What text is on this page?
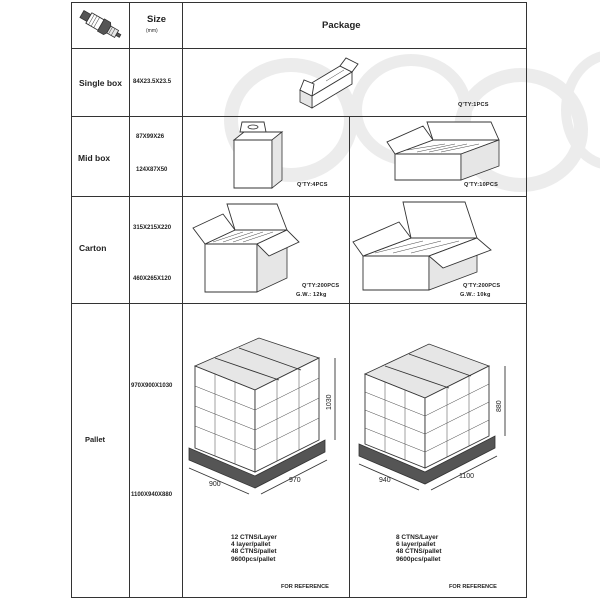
Size
(mm)	Package
Single box 84X23.5X23.5
Q'TY:1PCS
Mid box
87X99X26
124X87X50
Q'TY:4PCS	Q'TY:10PCS
Carton
315X215X220
460X265X120
Q'TY:200PCS
G.W.: 12kg
Q'TY:200PCS
G.W.: 10kg
Pallet
970X900X1030
1100X940X880
1030
900
970
880
940
1100
12 CTNS/Layer
4 layer/pallet
48 CTNS/pallet
9600pcs/pallet
FOR REFERENCE
8 CTNS/Layer
6 layer/pallet
48 CTNS/pallet
9600pcs/pallet
FOR REFERENCE
